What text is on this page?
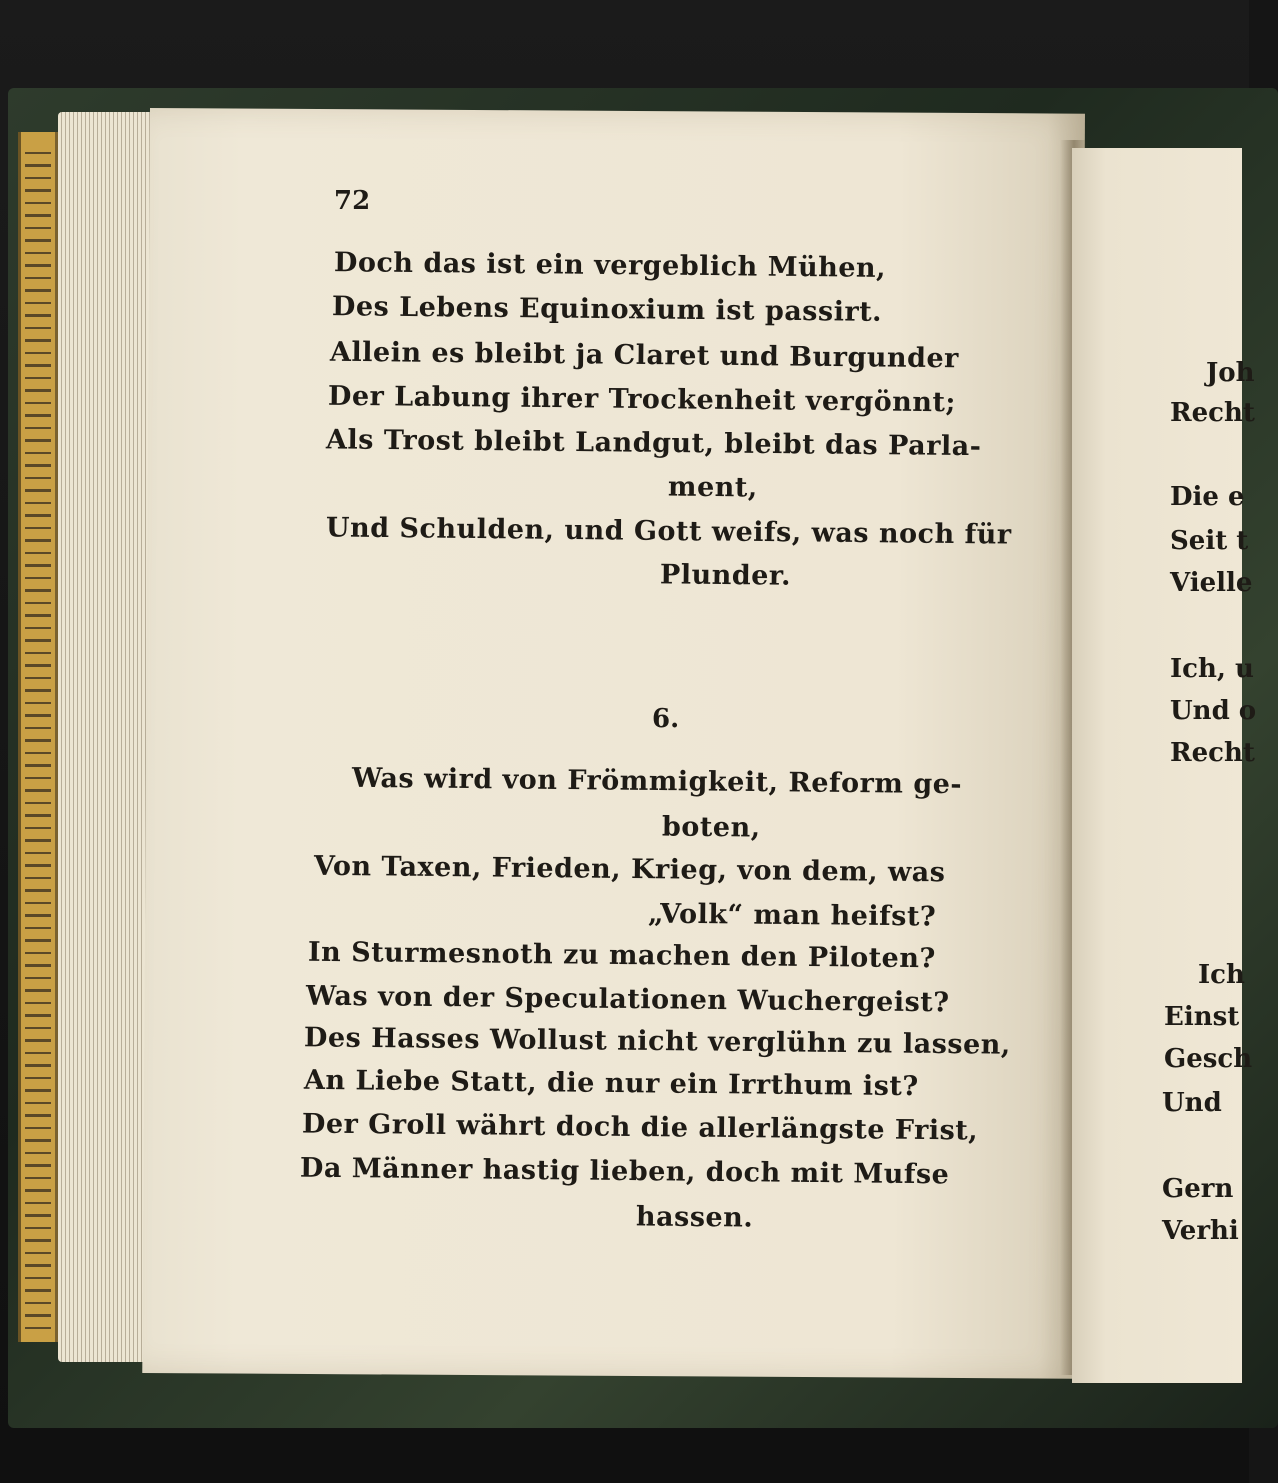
72
Doch das ist ein vergeblich Mühen,
Des Lebens Equinoxium ist passirt.
Allein es bleibt ja Claret und Burgunder
Der Labung ihrer Trockenheit vergönnt;
Als Trost bleibt Landgut, bleibt das Parla-
ment,
Und Schulden, und Gott weifs, was noch für
Plunder.
6.
Was wird von Frömmigkeit, Reform ge-
boten,
Von Taxen, Frieden, Krieg, von dem, was
„Volk“ man heifst?
In Sturmesnoth zu machen den Piloten?
Was von der Speculationen Wuchergeist?
Des Hasses Wollust nicht verglühn zu lassen,
An Liebe Statt, die nur ein Irrthum ist?
Der Groll währt doch die allerlängste Frist,
Da Männer hastig lieben, doch mit Mufse
hassen.
Joh
Recht
Die e
Seit t
Vielle
Ich, u
Und o
Recht
Ich
Einst
Gesch
Und
Gern
Verhi
